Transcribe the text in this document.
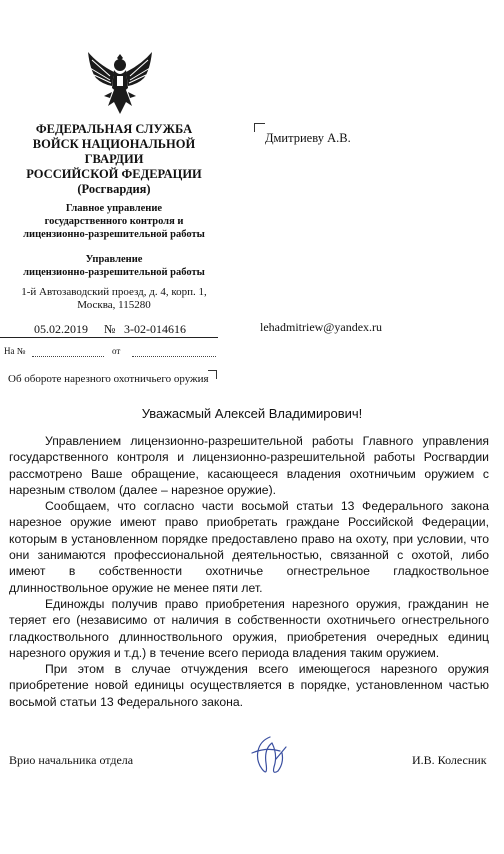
ФЕДЕРАЛЬНАЯ СЛУЖБА
ВОЙСК НАЦИОНАЛЬНОЙ
ГВАРДИИ
РОССИЙСКОЙ ФЕДЕРАЦИИ
(Росгвардия)
Главное управление
государственного контроля и
лицензионно-разрешительной работы
Управление
лицензионно-разрешительной работы
1-й Автозаводский проезд, д. 4, корп. 1,
Москва, 115280
05.02.2019 № 3-02-014616
На №	от
Об обороте нарезного охотничьего оружия
Дмитриеву А.В.
lehadmitriew@yandex.ru
Уважасмый Алексей Владимирович!

Управлением лицензионно-разрешительной работы Главного управления государственного контроля и лицензионно-разрешительной работы Росгвардии рассмотрено Ваше обращение, касающееся владения охотничьим оружием с нарезным стволом (далее – нарезное оружие).

Сообщаем, что согласно части восьмой статьи 13 Федерального закона нарезное оружие имеют право приобретать граждане Российской Федерации, которым в установленном порядке предоставлено право на охоту, при условии, что они занимаются профессиональной деятельностью, связанной с охотой, либо имеют в собственности охотничье огнестрельное гладкоствольное длинноствольное оружие не менее пяти лет.

Единожды получив право приобретения нарезного оружия, гражданин не теряет его (независимо от наличия в собственности охотничьего огнестрельного гладкоствольного длинноствольного оружия, приобретения очередных единиц нарезного оружия и т.д.) в течение всего периода владения таким оружием.

При этом в случае отчуждения всего имеющегося нарезного оружия приобретение новой единицы осуществляется в порядке, установленном частью восьмой статьи 13 Федерального закона.

Врио начальника отдела	И.В. Колесник
